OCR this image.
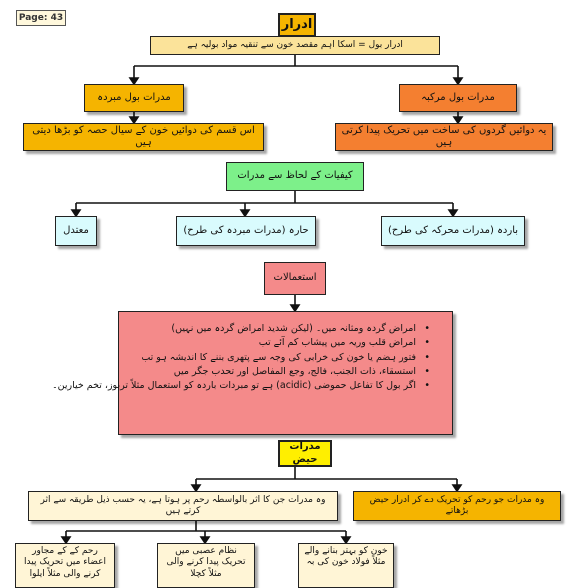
Page: 43	ادرار
ادرار بول = اسکا اہم مقصد خون سے تنقیہ مواد بولیہ ہے
مدرات بول مبردہ	مدرات بول مرکبہ
اس قسم کی دوائیں خون کے سیال حصہ کو بڑھا دیتی ہیں
یہ دوائیں گردوں کی ساخت میں تحریک پیدا کرتی ہیں
کیفیات کے لحاظ سے مدرات
معتدل	حارہ (مدرات مبردہ کی طرح)	باردہ (مدرات محرکہ کی طرح)
استعمالات
• امراض گردہ ومثانہ میں۔ (لیکن شدید امراض گردہ میں نہیں)
• امراض قلب وریہ میں پیشاب کم آئے تب
• فتور ہضم یا خون کی خرابی کی وجہ سے پتھری بننے کا اندیشہ ہو تب
• استسقاء، ذات الجنب، فالج، وجع المفاصل اور تحدب جگر میں
• اگر بول کا تفاعل حموضی (acidic) ہے تو مبردات باردہ کو استعمال مثلاً تربوز، تخم خیارین۔
مدرات حیض
وہ مدرات جن کا اثر بالواسطہ رحم پر ہوتا ہے، یہ حسب ذیل طریقہ سے اثر کرتے ہیں
وہ مدرات جو رحم کو تحریک دے کر ادرار حیض بڑھاتے
رحم کے کے مجاور اعضاء میں تحریک پیدا کرنے والی مثلاً ایلوا
نظام عصبی میں تحریک پیدا کرنے والی مثلاً کچلا
خون کو بہتر بنانے والے مثلاً فولاد خون کی بہ
